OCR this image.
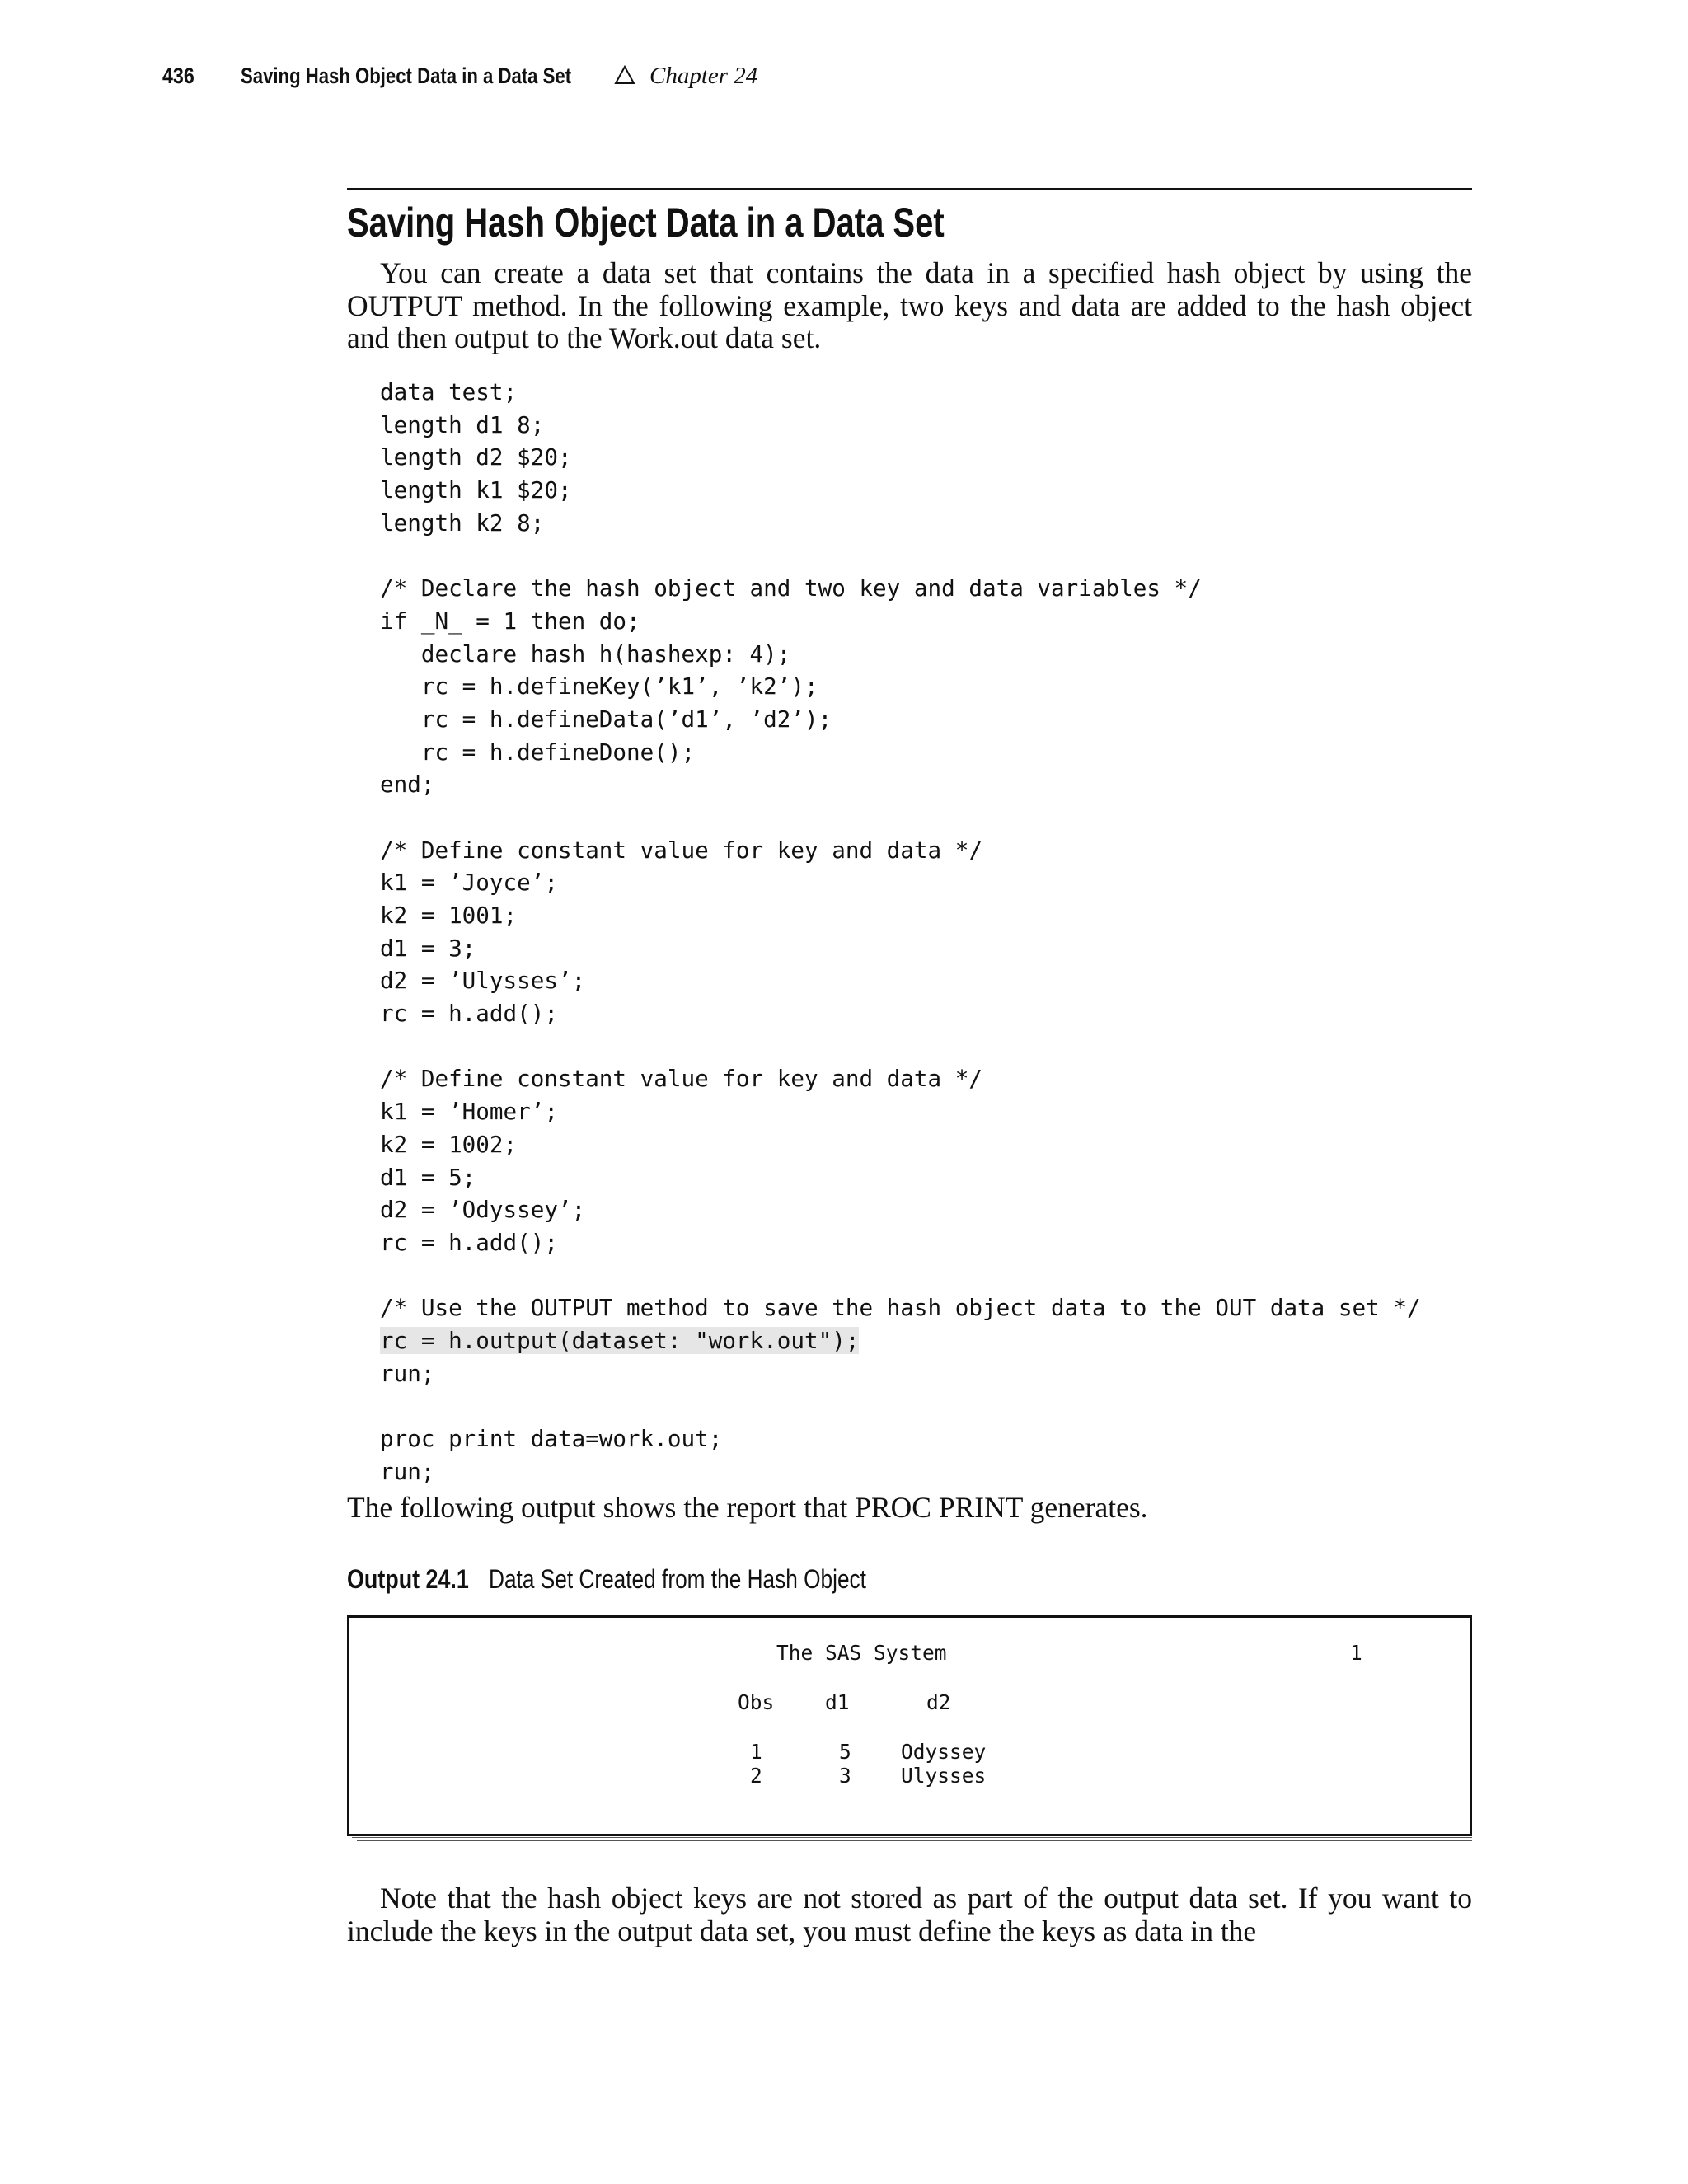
436 Saving Hash Object Data in a Data Set	Chapter 24
Saving Hash Object Data in a Data Set
You can create a data set that contains the data in a specified hash object by using the OUTPUT method. In the following example, two keys and data are added to the hash object and then output to the Work.out data set.
data test;
length d1 8;
length d2 $20;
length k1 $20;
length k2 8;
/* Declare the hash object and two key and data variables */
if _N_ = 1 then do;
declare hash h(hashexp: 4);
rc = h.defineKey(’k1’, ’k2’);
rc = h.defineData(’d1’, ’d2’);
rc = h.defineDone();
end;
/* Define constant value for key and data */
k1 = ’Joyce’;
k2 = 1001;
d1 = 3;
d2 = ’Ulysses’;
rc = h.add();
/* Define constant value for key and data */
k1 = ’Homer’;
k2 = 1002;
d1 = 5;
d2 = ’Odyssey’;
rc = h.add();
/* Use the OUTPUT method to save the hash object data to the OUT data set */
rc = h.output(dataset: "work.out");
run;
proc print data=work.out;
run;
The following output shows the report that PROC PRINT generates.
Output 24.1 Data Set Created from the Hash Object
The SAS System	1
Obs	d1	d2
1	5 Odyssey
2	3 Ulysses
Note that the hash object keys are not stored as part of the output data set. If you want to include the keys in the output data set, you must define the keys as data in the
